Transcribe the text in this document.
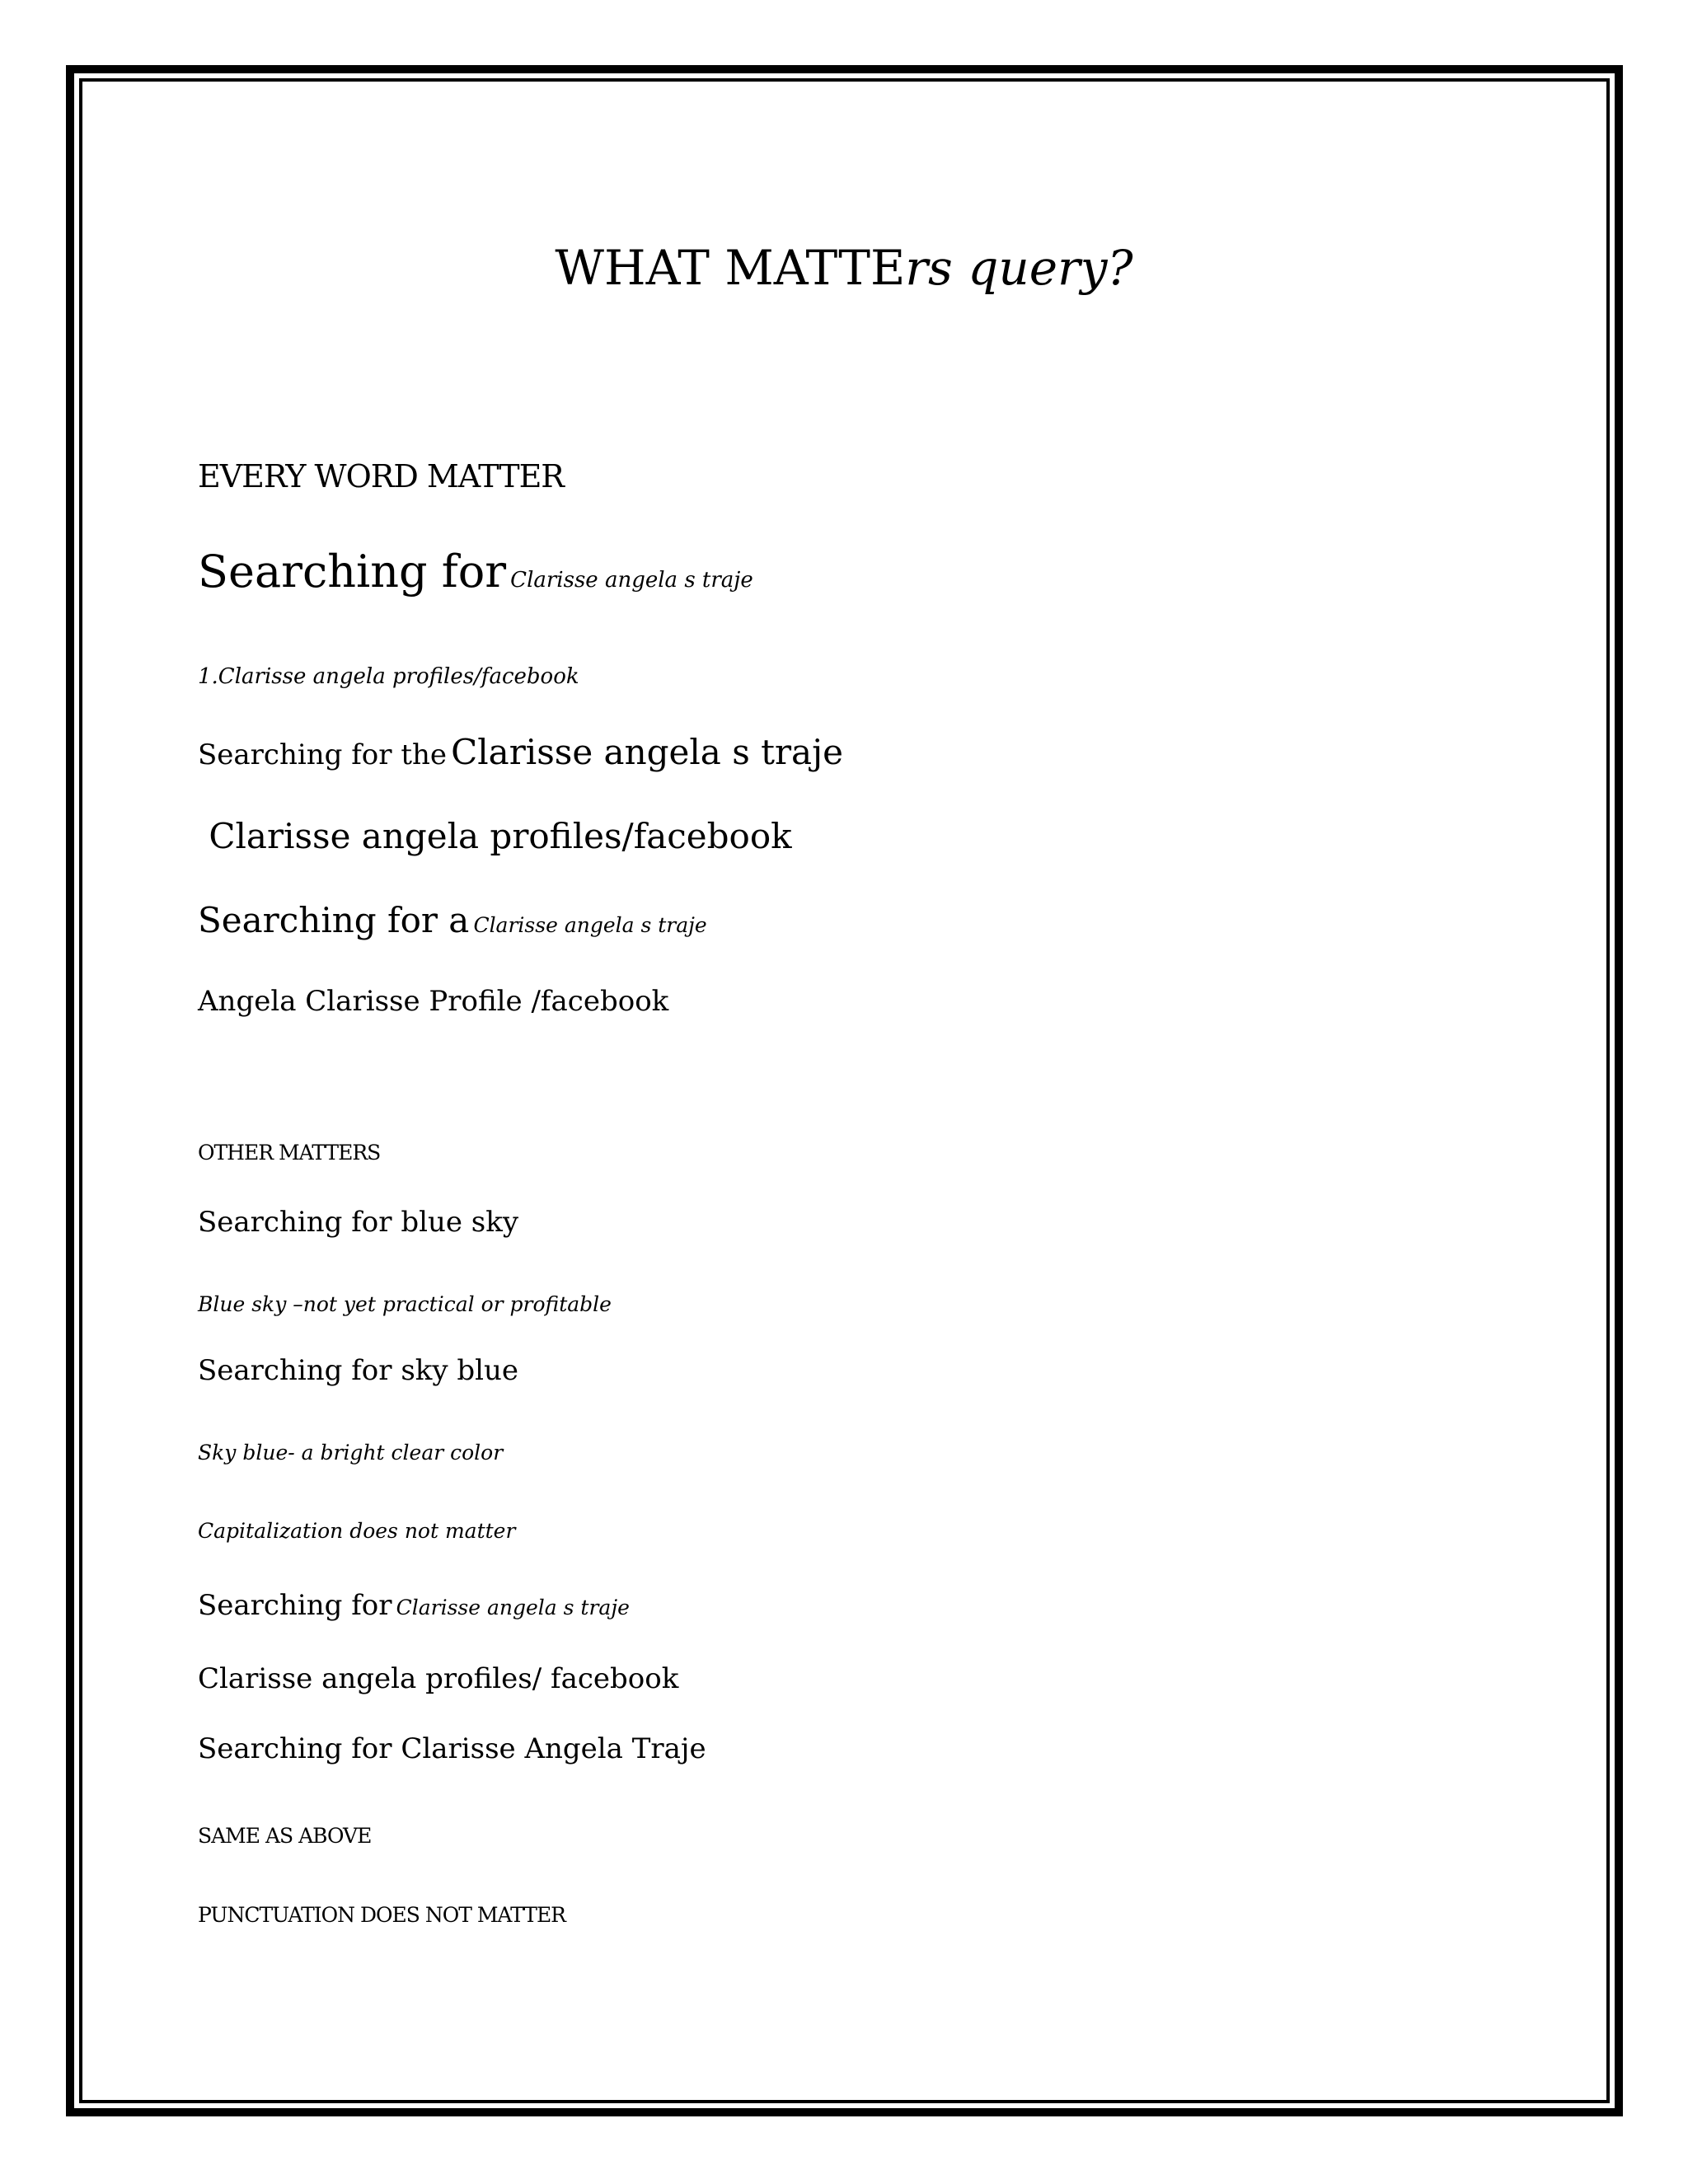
WHAT MATTErs query?

EVERY WORD MATTER

Searching for Clarisse angela s traje

1.Clarisse angela profiles/facebook

Searching for the Clarisse angela s traje

Clarisse angela profiles/facebook

Searching for a Clarisse angela s traje

Angela Clarisse Profile /facebook

OTHER MATTERS

Searching for blue sky

Blue sky –not yet practical or profitable

Searching for sky blue

Sky blue- a bright clear color

Capitalization does not matter

Searching for Clarisse angela s traje

Clarisse angela profiles/ facebook

Searching for Clarisse Angela Traje

SAME AS ABOVE

PUNCTUATION DOES NOT MATTER
